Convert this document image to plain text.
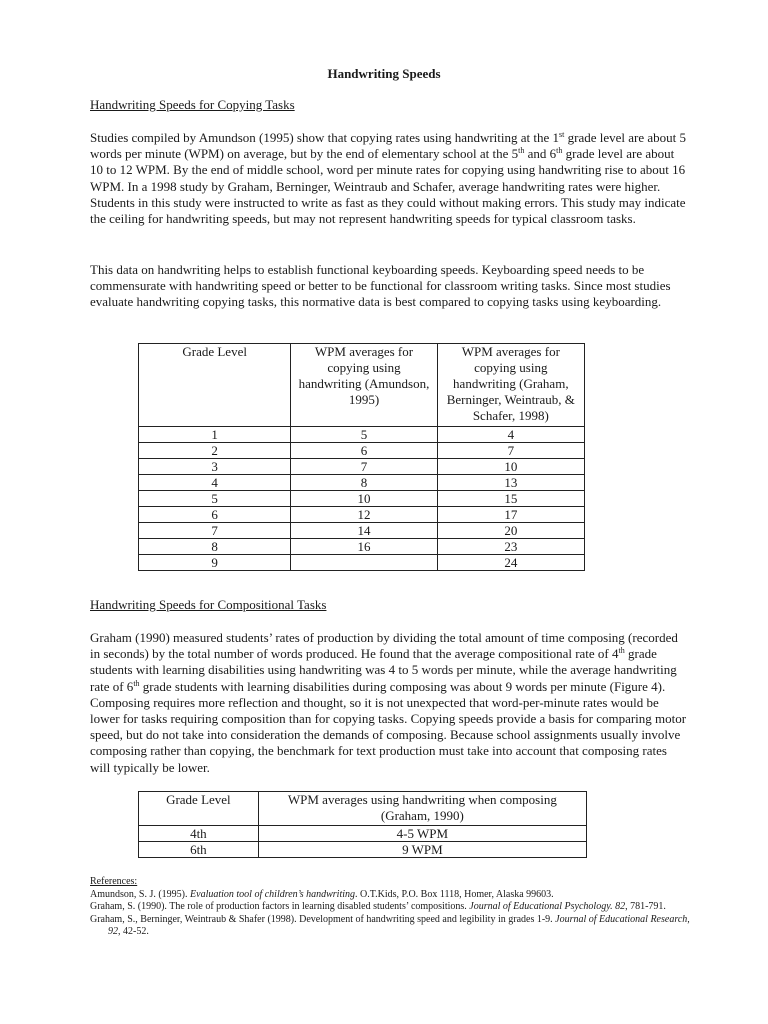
Handwriting Speeds
Handwriting Speeds for Copying Tasks

Studies compiled by Amundson (1995) show that copying rates using handwriting at the 1st grade level are about 5 words per minute (WPM) on average, but by the end of elementary school at the 5th and 6th grade level are about 10 to 12 WPM. By the end of middle school, word per minute rates for copying using handwriting rise to about 16 WPM. In a 1998 study by Graham, Berninger, Weintraub and Schafer, average handwriting rates were higher. Students in this study were instructed to write as fast as they could without making errors. This study may indicate the ceiling for handwriting speeds, but may not represent handwriting speeds for typical classroom tasks.

This data on handwriting helps to establish functional keyboarding speeds. Keyboarding speed needs to be commensurate with handwriting speed or better to be functional for classroom writing tasks. Since most studies evaluate handwriting copying tasks, this normative data is best compared to copying tasks using keyboarding.

Grade Level	WPM averages for copying using handwriting (Amundson, 1995)	WPM averages for copying using handwriting (Graham, Berninger, Weintraub, & Schafer, 1998)
1	5	4
2	6	7
3	7	10
4	8	13
5	10	15
6	12	17
7	14	20
8	16	23
9		24
Handwriting Speeds for Compositional Tasks

Graham (1990) measured students’ rates of production by dividing the total amount of time composing (recorded in seconds) by the total number of words produced. He found that the average compositional rate of 4th grade students with learning disabilities using handwriting was 4 to 5 words per minute, while the average handwriting rate of 6th grade students with learning disabilities during composing was about 9 words per minute (Figure 4). Composing requires more reflection and thought, so it is not unexpected that word-per-minute rates would be lower for tasks requiring composition than for copying tasks. Copying speeds provide a basis for comparing motor speed, but do not take into consideration the demands of composing. Because school assignments usually involve composing rather than copying, the benchmark for text production must take into account that composing rates will typically be lower.

Grade Level	WPM averages using handwriting when composing (Graham, 1990)
4th	4-5 WPM
6th	9 WPM
References:
Amundson, S. J. (1995). Evaluation tool of children’s handwriting. O.T.Kids, P.O. Box 1118, Homer, Alaska 99603.
Graham, S. (1990). The role of production factors in learning disabled students’ compositions. Journal of Educational Psychology. 82, 781-791.
Graham, S., Berninger, Weintraub & Shafer (1998). Development of handwriting speed and legibility in grades 1-9. Journal of Educational Research, 92, 42-52.
